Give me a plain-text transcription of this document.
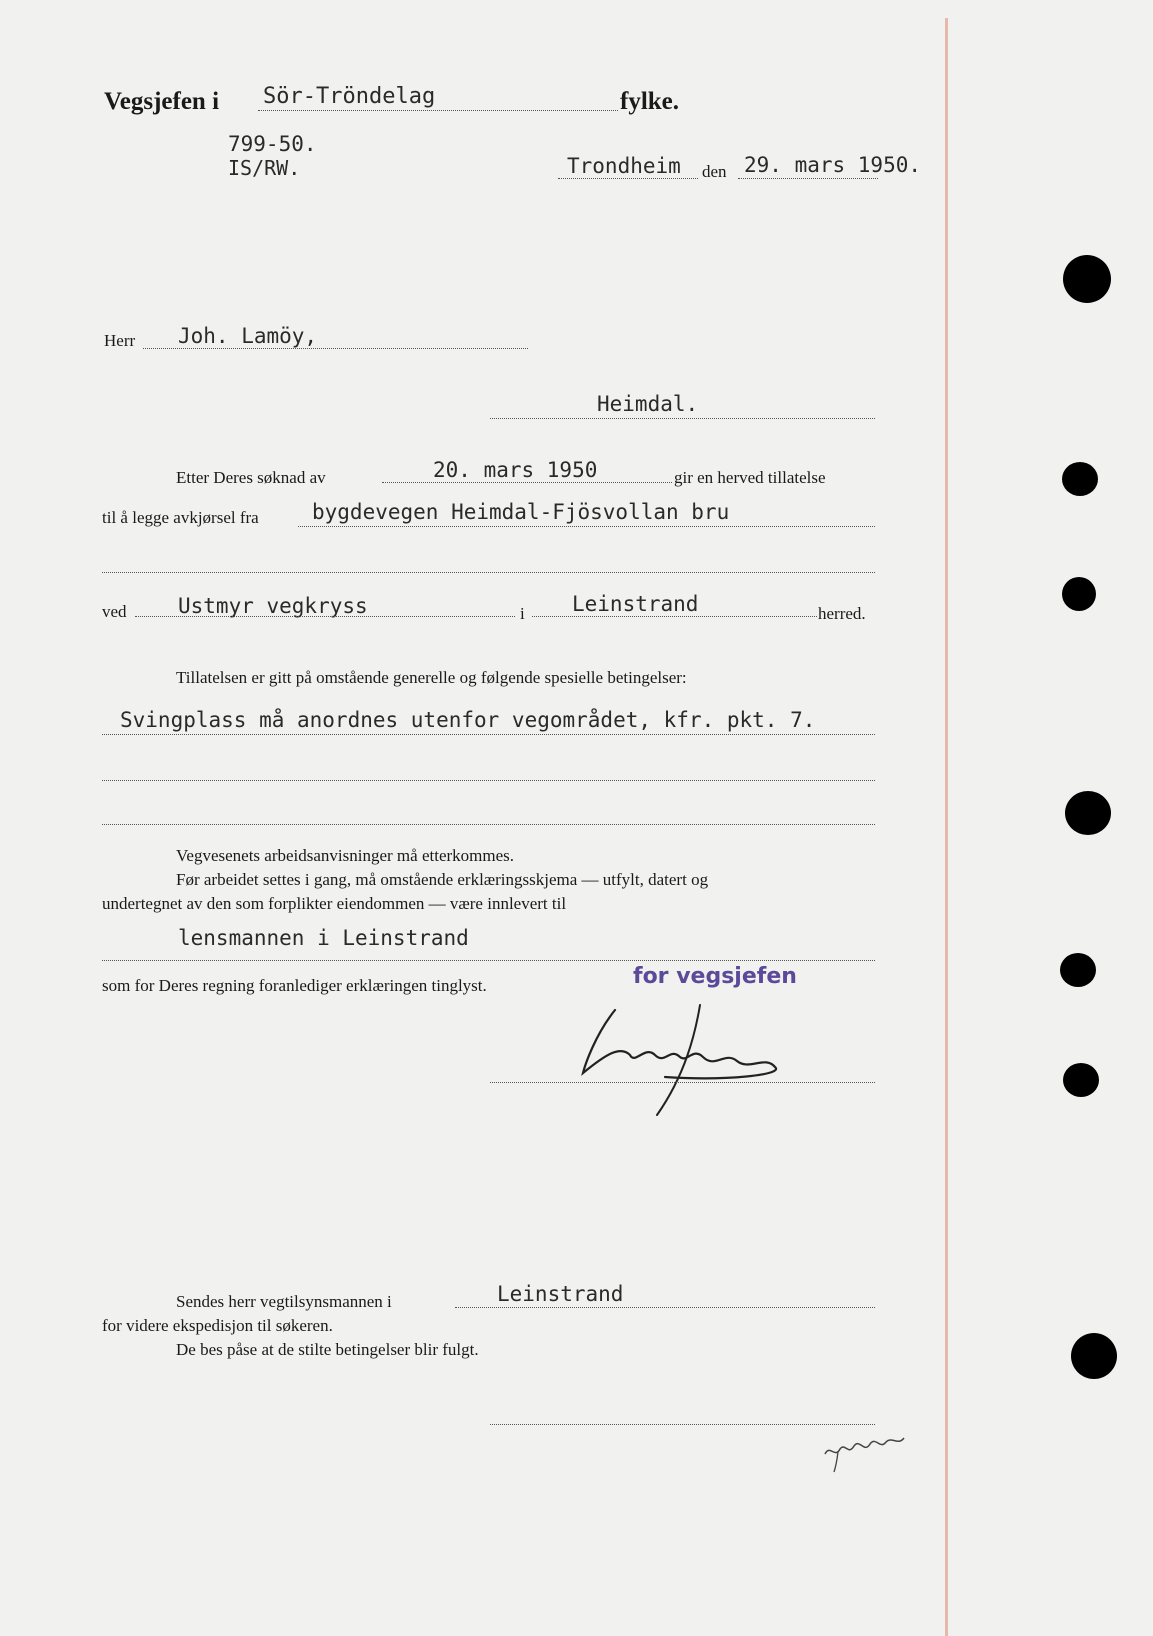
Vegsjefen i Sör-Tröndelag	fylke.
799-50.
IS/RW.	Trondheim den 29. mars 1950.
Herr Joh. Lamöy,
Heimdal.
Etter Deres søknad av	20. mars 1950	gir en herved tillatelse
til å legge avkjørsel fra	bygdevegen Heimdal-Fjösvollan bru
ved Ustmyr vegkryss	i Leinstrand	herred.
Tillatelsen er gitt på omstående generelle og følgende spesielle betingelser:
Svingplass må anordnes utenfor vegområdet, kfr. pkt. 7.
Vegvesenets arbeidsanvisninger må etterkommes.
Før arbeidet settes i gang, må omstående erklæringsskjema — utfylt, datert og
undertegnet av den som forplikter eiendommen — være innlevert til
lensmannen i Leinstrand
som for Deres regning foranlediger erklæringen tinglyst.	for vegsjefen
Sendes herr vegtilsynsmannen i	Leinstrand
for videre ekspedisjon til søkeren.
De bes påse at de stilte betingelser blir fulgt.
